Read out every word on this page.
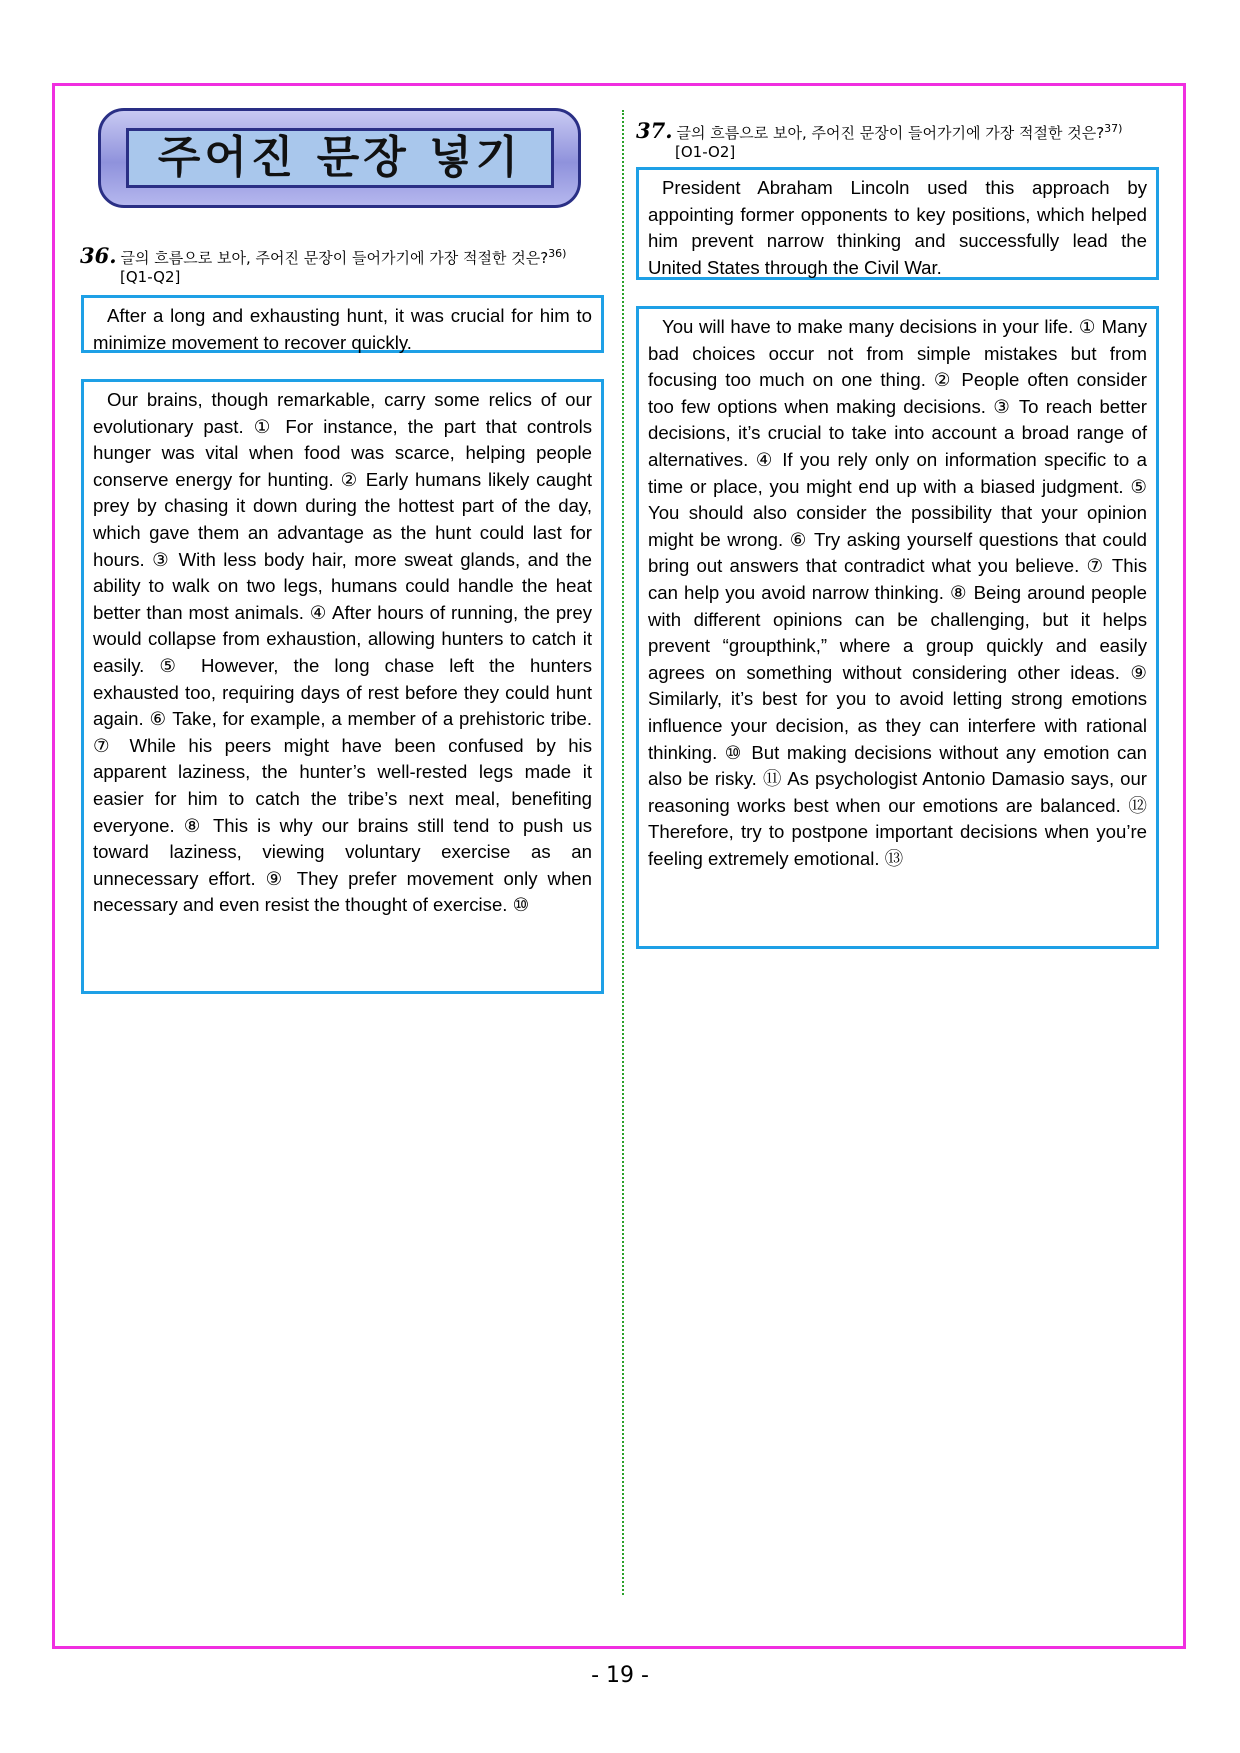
주어진 문장 넣기
36. 글의 흐름으로 보아, 주어진 문장이 들어가기에 가장 적절한 것은?$^{36)}$
[Q1-Q2]

After a long and exhausting hunt, it was crucial for him to minimize movement to recover quickly.

Our brains, though remarkable, carry some relics of our evolutionary past. ① For instance, the part that controls hunger was vital when food was scarce, helping people conserve energy for hunting. ② Early humans likely caught prey by chasing it down during the hottest part of the day, which gave them an advantage as the hunt could last for hours. ③ With less body hair, more sweat glands, and the ability to walk on two legs, humans could handle the heat better than most animals. ④ After hours of running, the prey would collapse from exhaustion, allowing hunters to catch it easily. ⑤ However, the long chase left the hunters exhausted too, requiring days of rest before they could hunt again. ⑥ Take, for example, a member of a prehistoric tribe. ⑦ While his peers might have been confused by his apparent laziness, the hunter’s well-rested legs made it easier for him to catch the tribe’s next meal, benefiting everyone. ⑧ This is why our brains still tend to push us toward laziness, viewing voluntary exercise as an unnecessary effort. ⑨ They prefer movement only when necessary and even resist the thought of exercise. ⑩

37. 글의 흐름으로 보아, 주어진 문장이 들어가기에 가장 적절한 것은?$^{37)}$
[O1-O2]

President Abraham Lincoln used this approach by appointing former opponents to key positions, which helped him prevent narrow thinking and successfully lead the United States through the Civil War.

You will have to make many decisions in your life. ① Many bad choices occur not from simple mistakes but from focusing too much on one thing. ② People often consider too few options when making decisions. ③ To reach better decisions, it’s crucial to take into account a broad range of alternatives. ④ If you rely only on information specific to a time or place, you might end up with a biased judgment. ⑤ You should also consider the possibility that your opinion might be wrong. ⑥ Try asking yourself questions that could bring out answers that contradict what you believe. ⑦ This can help you avoid narrow thinking. ⑧ Being around people with different opinions can be challenging, but it helps prevent “groupthink,” where a group quickly and easily agrees on something without considering other ideas. ⑨ Similarly, it’s best for you to avoid letting strong emotions influence your decision, as they can interfere with rational thinking. ⑩ But making decisions without any emotion can also be risky. ⑪ As psychologist Antonio Damasio says, our reasoning works best when our emotions are balanced. ⑫ Therefore, try to postpone important decisions when you’re feeling extremely emotional. ⑬

- 19 -
